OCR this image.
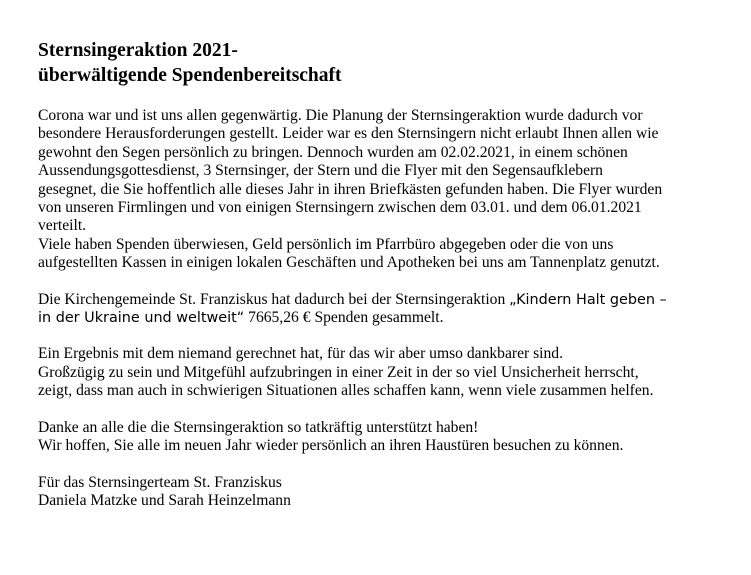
Sternsingeraktion 2021-
überwältigende Spendenbereitschaft

Corona war und ist uns allen gegenwärtig. Die Planung der Sternsingeraktion wurde dadurch vor
besondere Herausforderungen gestellt. Leider war es den Sternsingern nicht erlaubt Ihnen allen wie
gewohnt den Segen persönlich zu bringen. Dennoch wurden am 02.02.2021, in einem schönen
Aussendungsgottesdienst, 3 Sternsinger, der Stern und die Flyer mit den Segensaufklebern
gesegnet, die Sie hoffentlich alle dieses Jahr in ihren Briefkästen gefunden haben. Die Flyer wurden
von unseren Firmlingen und von einigen Sternsingern zwischen dem 03.01. und dem 06.01.2021
verteilt.
Viele haben Spenden überwiesen, Geld persönlich im Pfarrbüro abgegeben oder die von uns
aufgestellten Kassen in einigen lokalen Geschäften und Apotheken bei uns am Tannenplatz genutzt.

Die Kirchengemeinde St. Franziskus hat dadurch bei der Sternsingeraktion „Kindern Halt geben –
in der Ukraine und weltweit“ 7665,26 € Spenden gesammelt.

Ein Ergebnis mit dem niemand gerechnet hat, für das wir aber umso dankbarer sind.
Großzügig zu sein und Mitgefühl aufzubringen in einer Zeit in der so viel Unsicherheit herrscht,
zeigt, dass man auch in schwierigen Situationen alles schaffen kann, wenn viele zusammen helfen.

Danke an alle die die Sternsingeraktion so tatkräftig unterstützt haben!
Wir hoffen, Sie alle im neuen Jahr wieder persönlich an ihren Haustüren besuchen zu können.

Für das Sternsingerteam St. Franziskus
Daniela Matzke und Sarah Heinzelmann
